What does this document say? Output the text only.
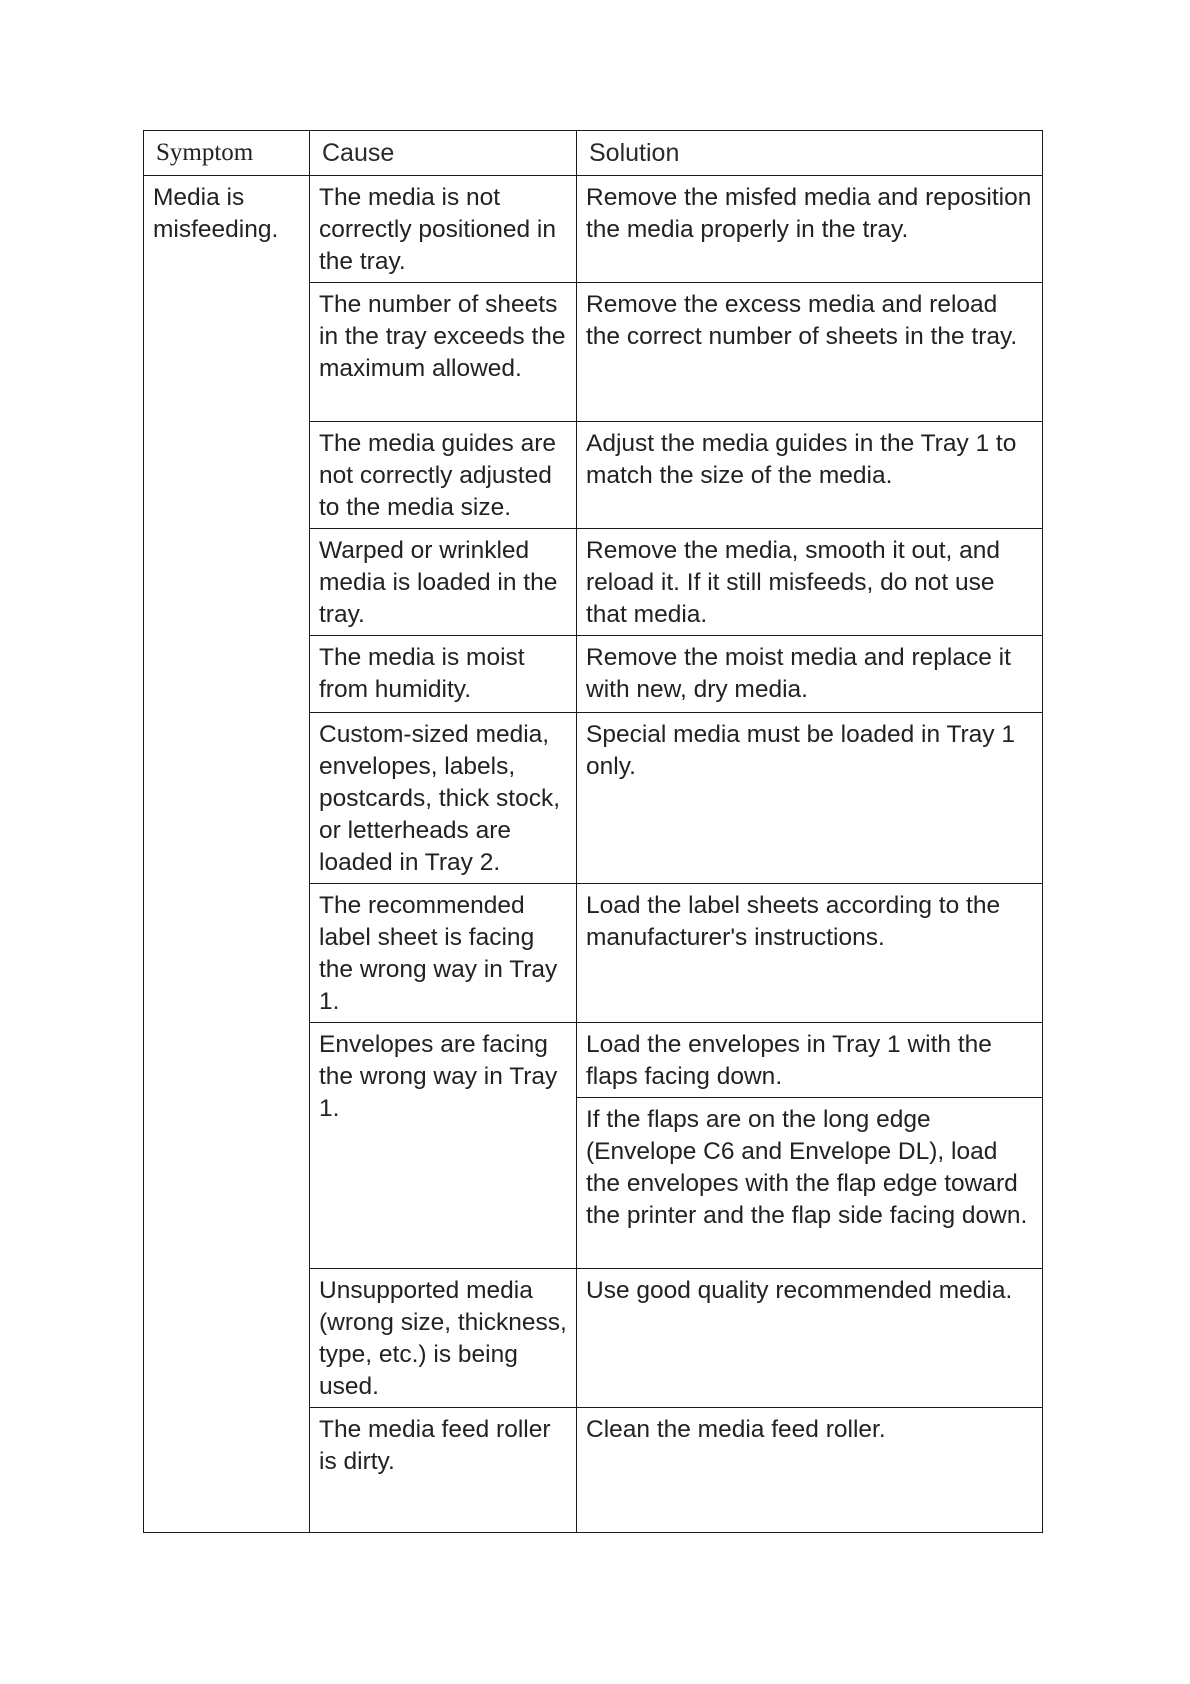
Symptom	Cause	Solution
Media is misfeeding.	The media is not correctly positioned in the tray.	Remove the misfed media and reposition the media properly in the tray.
	The number of sheets in the tray exceeds the maximum allowed.	Remove the excess media and reload the correct number of sheets in the tray.
	The media guides are not correctly adjusted to the media size.	Adjust the media guides in the Tray 1 to match the size of the media.
	Warped or wrinkled media is loaded in the tray.	Remove the media, smooth it out, and reload it. If it still misfeeds, do not use that media.
	The media is moist from humidity.	Remove the moist media and replace it with new, dry media.
	Custom-sized media, envelopes, labels, postcards, thick stock, or letterheads are loaded in Tray 2.	Special media must be loaded in Tray 1 only.
	The recommended label sheet is facing the wrong way in Tray 1.	Load the label sheets according to the manufacturer's instructions.
	Envelopes are facing the wrong way in Tray 1.	Load the envelopes in Tray 1 with the flaps facing down.
		If the flaps are on the long edge (Envelope C6 and Envelope DL), load the envelopes with the flap edge toward the printer and the flap side facing down.
	Unsupported media (wrong size, thickness, type, etc.) is being used.	Use good quality recommended media.
	The media feed roller is dirty.	Clean the media feed roller.
